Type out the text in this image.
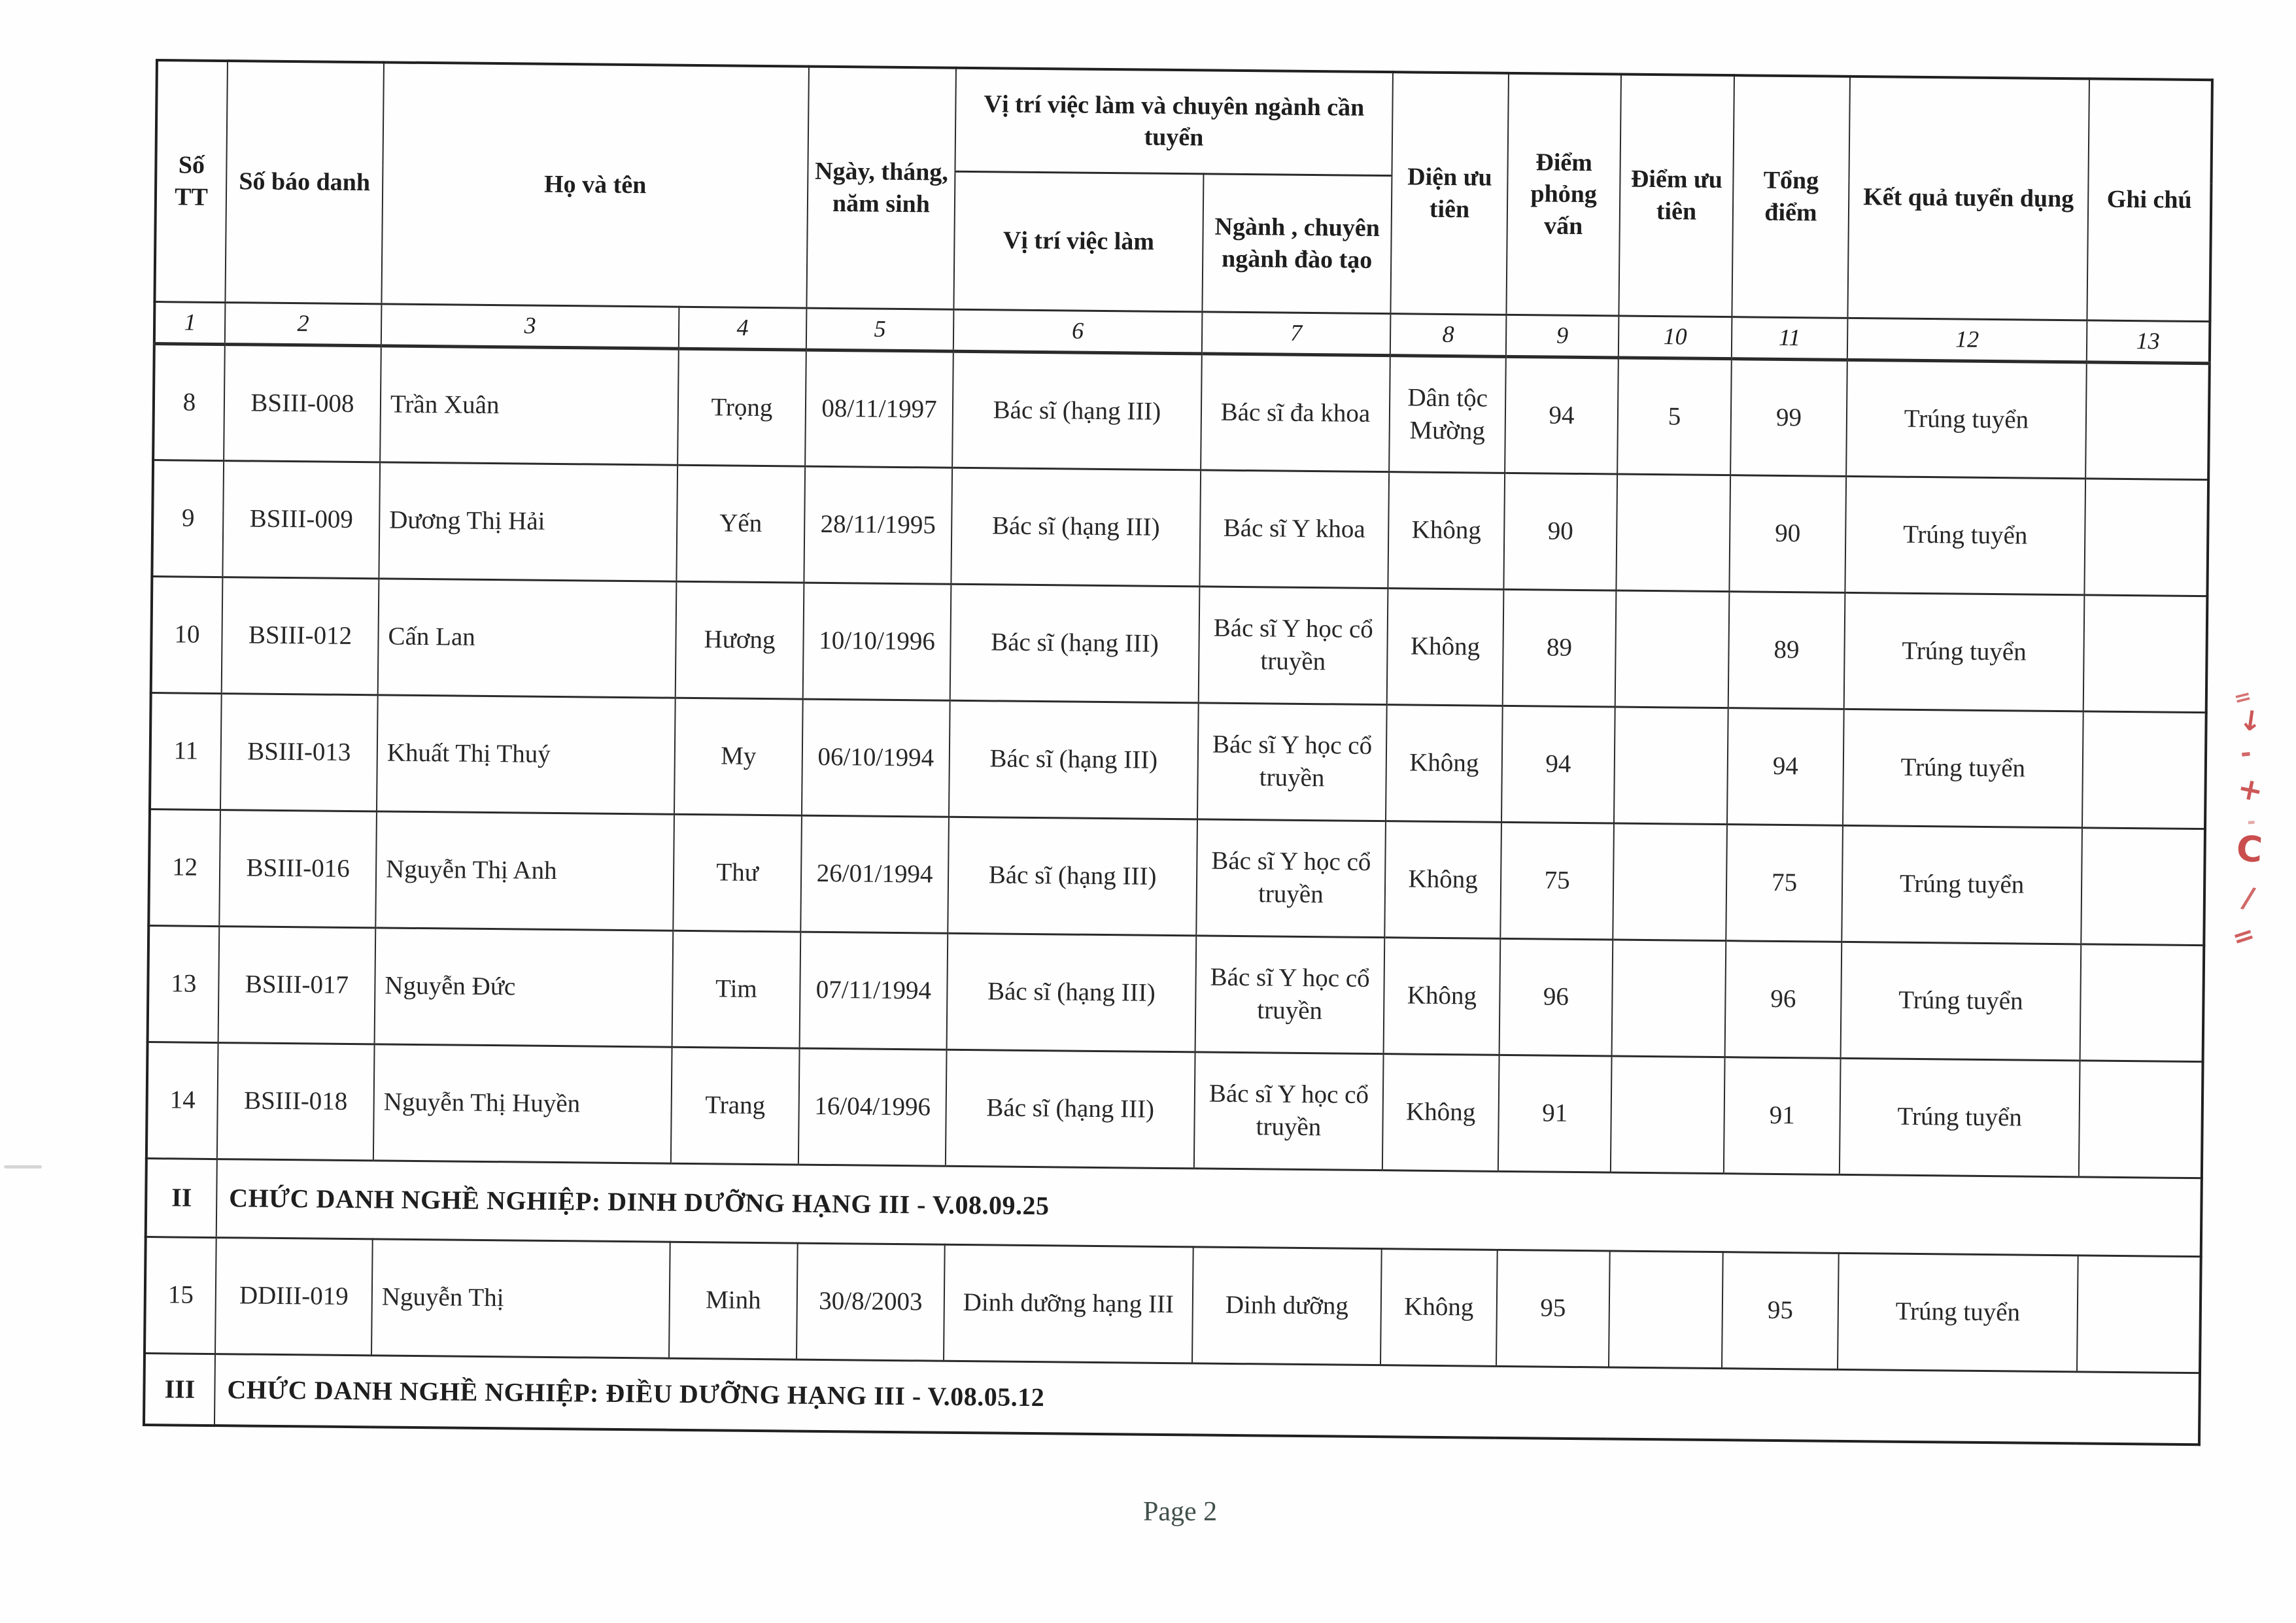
Số
TT	Số báo danh	Họ và tên		Ngày, tháng,
năm sinh	Vị trí việc làm và chuyên ngành cần
tuyển		Diện ưu
tiên	Điểm
phỏng
vấn	Điểm ưu
tiên	Tổng
điểm	Kết quả tuyển dụng	Ghi chú
					Vị trí việc làm	Ngành , chuyên
ngành đào tạo						
1	2	3	4	5	6	7	8	9	10	11	12	13
8	BSIII-008	Trần Xuân	Trọng	08/11/1997	Bác sĩ (hạng III)	Bác sĩ đa khoa	Dân tộc Mường	94	5	99	Trúng tuyển	
9	BSIII-009	Dương Thị Hải	Yến	28/11/1995	Bác sĩ (hạng III)	Bác sĩ Y khoa	Không	90		90	Trúng tuyển	
10	BSIII-012	Cấn Lan	Hương	10/10/1996	Bác sĩ (hạng III)	Bác sĩ Y học cổ truyền	Không	89		89	Trúng tuyển	
11	BSIII-013	Khuất Thị Thuý	My	06/10/1994	Bác sĩ (hạng III)	Bác sĩ Y học cổ truyền	Không	94		94	Trúng tuyển	
12	BSIII-016	Nguyễn Thị Anh	Thư	26/01/1994	Bác sĩ (hạng III)	Bác sĩ Y học cổ truyền	Không	75		75	Trúng tuyển	
13	BSIII-017	Nguyễn Đức	Tim	07/11/1994	Bác sĩ (hạng III)	Bác sĩ Y học cổ truyền	Không	96		96	Trúng tuyển	
14	BSIII-018	Nguyễn Thị Huyền	Trang	16/04/1996	Bác sĩ (hạng III)	Bác sĩ Y học cổ truyền	Không	91		91	Trúng tuyển	
II	CHỨC DANH NGHỀ NGHIỆP: DINH DƯỠNG HẠNG III - V.08.09.25											
15	DDIII-019	Nguyễn Thị	Minh	30/8/2003	Dinh dưỡng hạng III	Dinh dưỡng	Không	95		95	Trúng tuyển	
III	CHỨC DANH NGHỀ NGHIỆP: ĐIỀU DƯỠNG HẠNG III - V.08.05.12											
Page 2
=
↓
-
+
-
C
/
=
